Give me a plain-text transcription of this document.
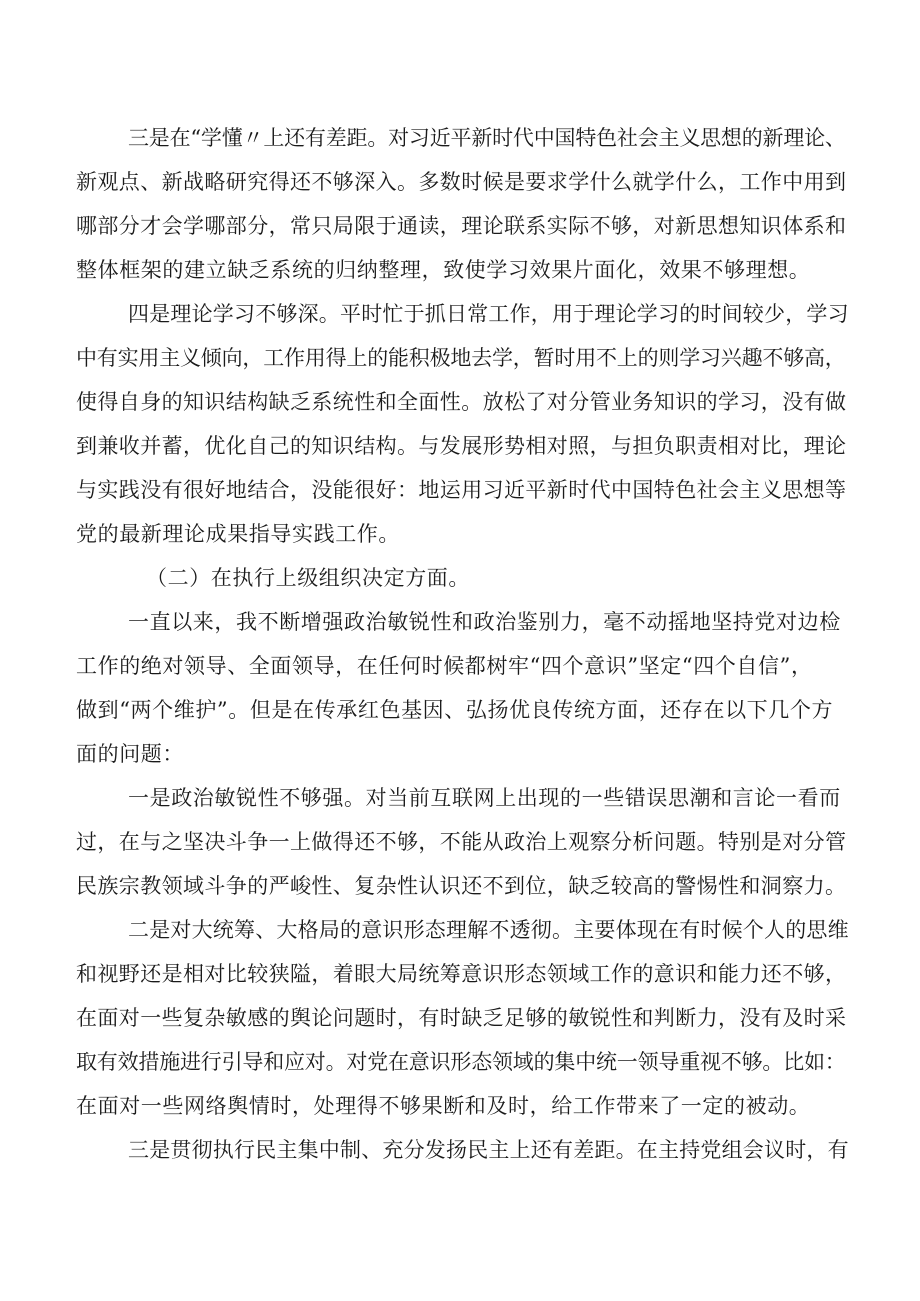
三是在“学懂〃上还有差距。对习近平新时代中国特色社会主义思想的新理论、
新观点、新战略研究得还不够深入。多数时候是要求学什么就学什么，工作中用到
哪部分才会学哪部分，常只局限于通读，理论联系实际不够，对新思想知识体系和
整体框架的建立缺乏系统的归纳整理，致使学习效果片面化，效果不够理想。
四是理论学习不够深。平时忙于抓日常工作，用于理论学习的时间较少，学习
中有实用主义倾向，工作用得上的能积极地去学，暂时用不上的则学习兴趣不够高，
使得自身的知识结构缺乏系统性和全面性。放松了对分管业务知识的学习，没有做
到兼收并蓄，优化自己的知识结构。与发展形势相对照，与担负职责相对比，理论
与实践没有很好地结合，没能很好：地运用习近平新时代中国特色社会主义思想等
党的最新理论成果指导实践工作。
（二）在执行上级组织决定方面。
一直以来，我不断增强政治敏锐性和政治鉴别力，毫不动摇地坚持党对边检
工作的绝对领导、全面领导，在任何时候都树牢“四个意识”坚定“四个自信”，
做到“两个维护”。但是在传承红色基因、弘扬优良传统方面，还存在以下几个方
面的问题：
一是政治敏锐性不够强。对当前互联网上出现的一些错误思潮和言论一看而
过，在与之坚决斗争一上做得还不够，不能从政治上观察分析问题。特别是对分管
民族宗教领域斗争的严峻性、复杂性认识还不到位，缺乏较高的警惕性和洞察力。
二是对大统筹、大格局的意识形态理解不透彻。主要体现在有时候个人的思维
和视野还是相对比较狭隘，着眼大局统筹意识形态领域工作的意识和能力还不够，
在面对一些复杂敏感的舆论问题时，有时缺乏足够的敏锐性和判断力，没有及时采
取有效措施进行引导和应对。对党在意识形态领域的集中统一领导重视不够。比如：
在面对一些网络舆情时，处理得不够果断和及时，给工作带来了一定的被动。
三是贯彻执行民主集中制、充分发扬民主上还有差距。在主持党组会议时，有
